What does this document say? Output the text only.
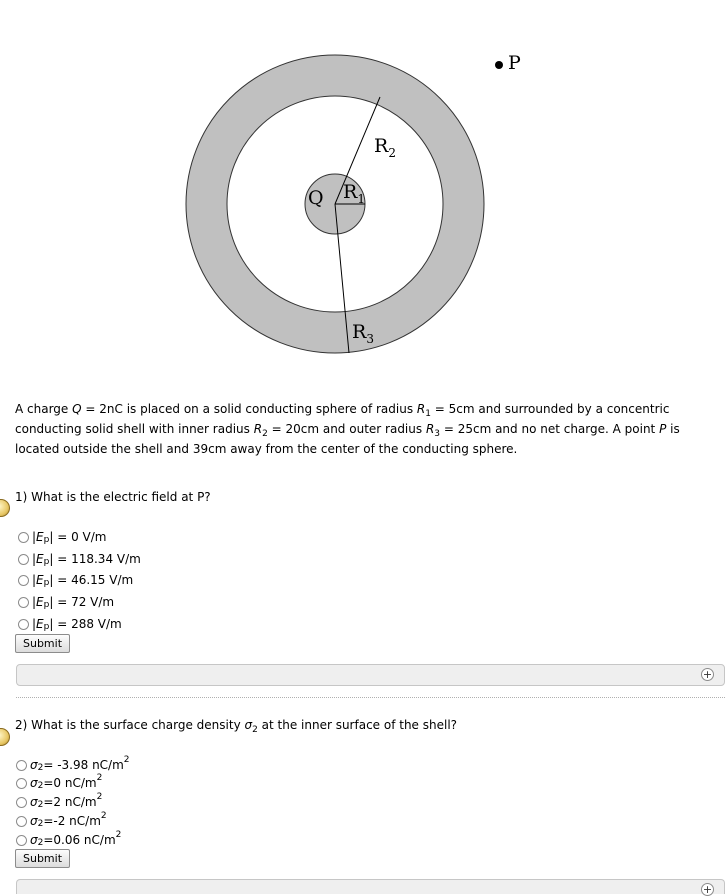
P
Q $R_1$
$R_2$
$R_3$
A charge Q = 2nC is placed on a solid conducting sphere of radius $R_1 = 5cm$ and surrounded by a concentric conducting solid shell with inner radius $R_2 = 20cm$ and outer radius $R_3 = 25cm$ and no net charge. A point P is located outside the shell and 39cm away from the center of the conducting sphere.
1) What is the electric field at P?
| E p | = 0 V/m
| E p | = 118.34 V/m
| E p | = 46.15 V/m
| E p | = 72 V/m
| E p | = 288 V/m
Submit
+
2) What is the surface charge density $\sigma_2$ at the inner surface of the shell?
σ 2 = -3.98 nC/m 2
σ 2 =0 nC/m 2
σ 2 =2 nC/m 2
σ 2 =-2 nC/m 2
σ 2 =0.06 nC/m 2
Submit
+
